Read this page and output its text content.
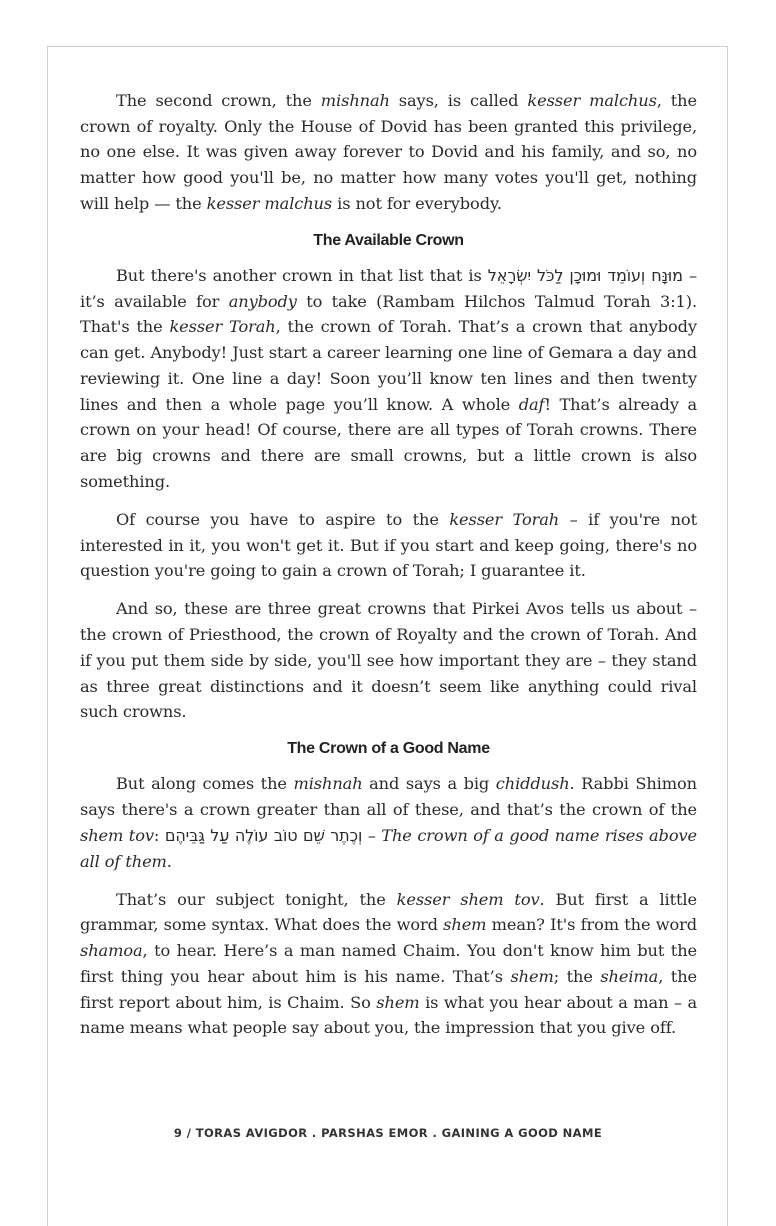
The second crown, the mishnah says, is called kesser malchus, the crown of royalty. Only the House of Dovid has been granted this privilege, no one else. It was given away forever to Dovid and his family, and so, no matter how good you'll be, no matter how many votes you'll get, nothing will help — the kesser malchus is not for everybody.

The Available Crown

But there's another crown in that list that is מוּנָּח וְעוֹמֵד וּמוּכָן לַכֹּל יִשְׂרָאֵל – it’s available for anybody to take (Rambam Hilchos Talmud Torah 3:1). That's the kesser Torah, the crown of Torah. That’s a crown that anybody can get. Anybody! Just start a career learning one line of Gemara a day and reviewing it. One line a day! Soon you’ll know ten lines and then twenty lines and then a whole page you’ll know. A whole daf! That’s already a crown on your head! Of course, there are all types of Torah crowns. There are big crowns and there are small crowns, but a little crown is also something.

Of course you have to aspire to the kesser Torah – if you're not interested in it, you won't get it. But if you start and keep going, there's no question you're going to gain a crown of Torah; I guarantee it.

And so, these are three great crowns that Pirkei Avos tells us about – the crown of Priesthood, the crown of Royalty and the crown of Torah. And if you put them side by side, you'll see how important they are – they stand as three great distinctions and it doesn’t seem like anything could rival such crowns.

The Crown of a Good Name

But along comes the mishnah and says a big chiddush. Rabbi Shimon says there's a crown greater than all of these, and that’s the crown of the shem tov: וְכֶתֶר שֵׁם טוֹב עוֹלֶה עַל גַּבֵּיהֶם – The crown of a good name rises above all of them.

That’s our subject tonight, the kesser shem tov. But first a little grammar, some syntax. What does the word shem mean? It's from the word shamoa, to hear. Here’s a man named Chaim. You don't know him but the first thing you hear about him is his name. That’s shem; the sheima, the first report about him, is Chaim. So shem is what you hear about a man – a name means what people say about you, the impression that you give off.

9 / TORAS AVIGDOR . PARSHAS EMOR . GAINING A GOOD NAME
